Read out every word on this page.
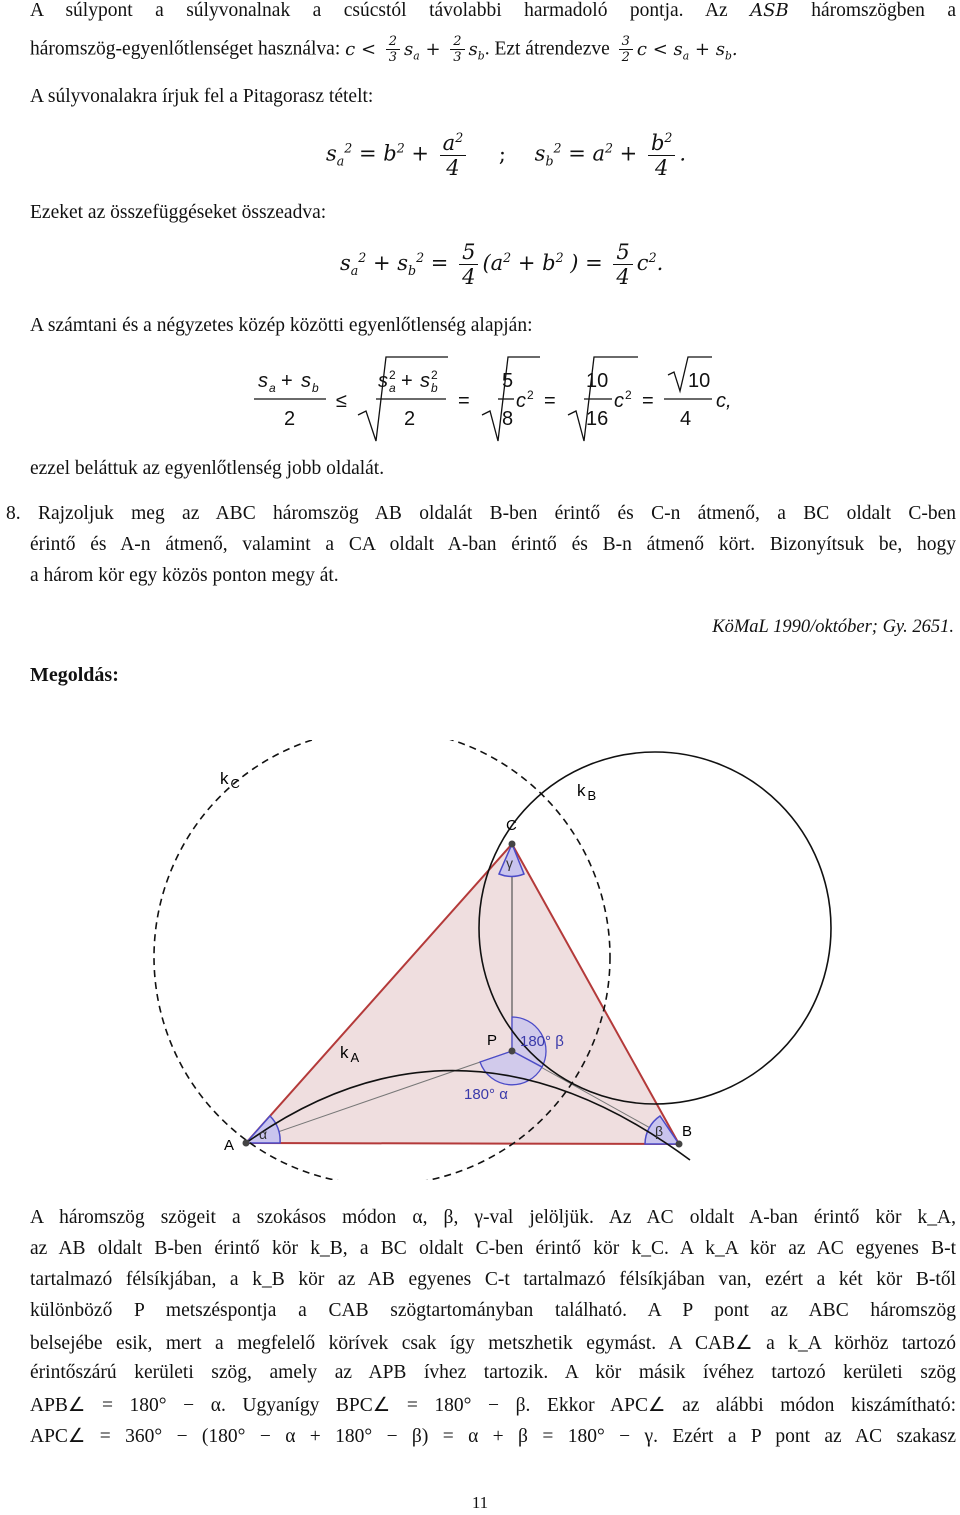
A súlypont a súlyvonalnak a csúcstól távolabbi harmadoló pontja. Az ASB háromszögben a
háromszög-egyenlőtlenséget használva: $c < \frac{2}{3} s_a + \frac{2}{3} s_b$. Ezt átrendezve $\frac{3}{2}$ $c < s_a + s_b$.
A súlyvonalakra írjuk fel a Pitagorasz tételt:
$s_a^2 = b^2 + \frac{a^2}{4}$ ; $s_b^2 = a^2 + \frac{b^2}{4}$ .
Ezeket az összefüggéseket összeadva:
$s_a^2 + s_b^2 = \frac{5}{4} (a^2 + b^2$ ) = $\frac{5}{4} c^2$.
A számtani és a négyzetes közép közötti egyenlőtlenség alapján:
s a + s b
2
≤
s a
2 + s b
2
2
=
5
8
c 2 =
10
16
c 2 =
10
4
c,
ezzel beláttuk az egyenlőtlenség jobb oldalát.
8. Rajzoljuk meg az ABC háromszög AB oldalát B-ben érintő és C-n átmenő, a BC oldalt C-ben
érintő és A-n átmenő, valamint a CA oldalt A-ban érintő és B-n átmenő kört. Bizonyítsuk be, hogy
a három kör egy közös ponton megy át.
KöMaL 1990/október; Gy. 2651.
Megoldás:
k $_C$	k $_B$
k $_A$
C
A
B
P
γ
α	β
180° β
180° α
A háromszög szögeit a szokásos módon α, β, γ-val jelöljük. Az AC oldalt A-ban érintő kör k_A,
az AB oldalt B-ben érintő kör k_B, a BC oldalt C-ben érintő kör k_C. A k_A kör az AC egyenes B-t
tartalmazó félsíkjában, a k_B kör az AB egyenes C-t tartalmazó félsíkjában van, ezért a két kör B-től
különböző P metszéspontja a CAB szögtartományban található. A P pont az ABC háromszög
belsejébe esik, mert a megfelelő körívek csak így metszhetik egymást. A CAB∠ a k_A körhöz tartozó
érintőszárú kerületi szög, amely az APB ívhez tartozik. A kör másik ívéhez tartozó kerületi szög
APB∠ = 180° − α. Ugyanígy BPC∠ = 180° − β. Ekkor APC∠ az alábbi módon kiszámítható:
APC∠ = 360° − (180° − α + 180° − β) = α + β = 180° − γ. Ezért a P pont az AC szakasz
11
